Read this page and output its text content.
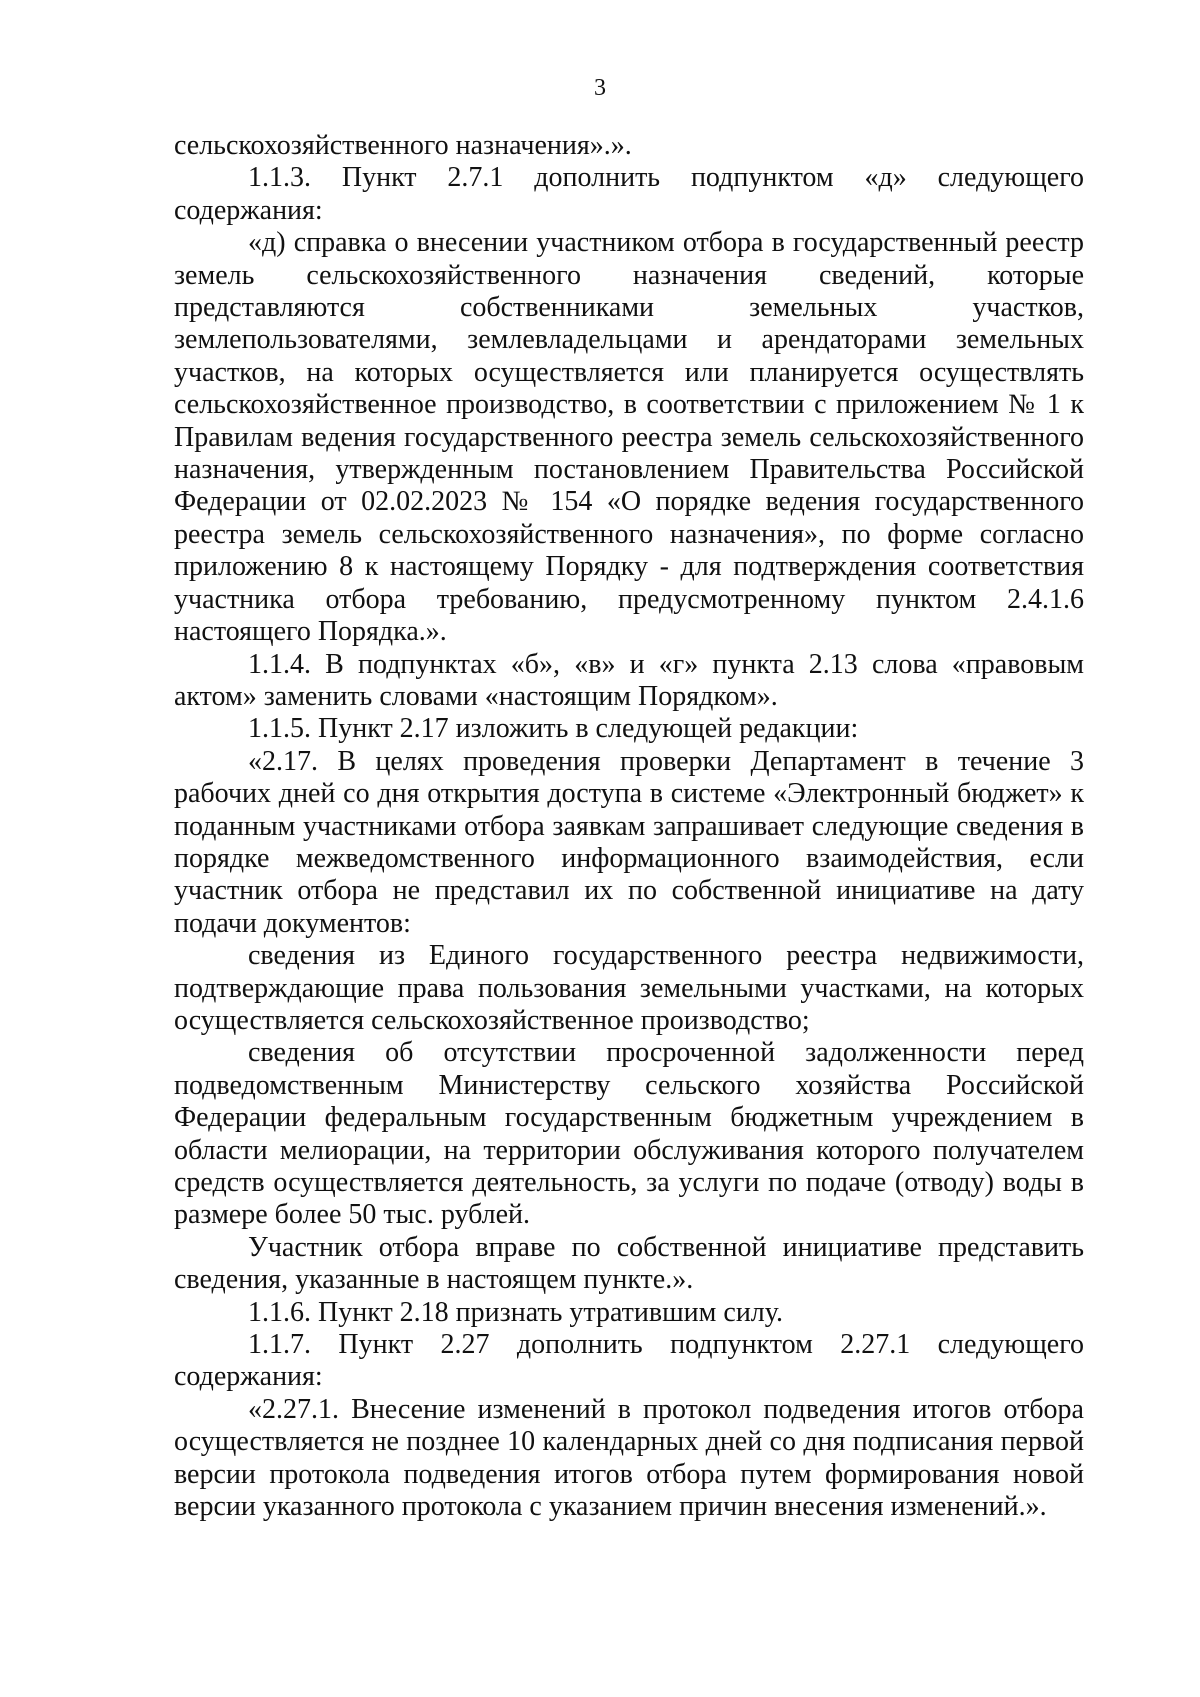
3

сельскохозяйственного назначения».».

1.1.3. Пункт 2.7.1 дополнить подпунктом «д» следующего содержания:

«д) справка о внесении участником отбора в государственный реестр земель сельскохозяйственного назначения сведений, которые представляются собственниками земельных участков, землепользователями, землевладельцами и арендаторами земельных участков, на которых осуществляется или планируется осуществлять сельскохозяйственное производство, в соответствии с приложением № 1 к Правилам ведения государственного реестра земель сельскохозяйственного назначения, утвержденным постановлением Правительства Российской Федерации от 02.02.2023 № 154 «О порядке ведения государственного реестра земель сельскохозяйственного назначения», по форме согласно приложению 8 к настоящему Порядку - для подтверждения соответствия участника отбора требованию, предусмотренному пунктом 2.4.1.6 настоящего Порядка.».

1.1.4. В подпунктах «б», «в» и «г» пункта 2.13 слова «правовым актом» заменить словами «настоящим Порядком».

1.1.5. Пункт 2.17 изложить в следующей редакции:

«2.17. В целях проведения проверки Департамент в течение 3 рабочих дней со дня открытия доступа в системе «Электронный бюджет» к поданным участниками отбора заявкам запрашивает следующие сведения в порядке межведомственного информационного взаимодействия, если участник отбора не представил их по собственной инициативе на дату подачи документов:

сведения из Единого государственного реестра недвижимости, подтверждающие права пользования земельными участками, на которых осуществляется сельскохозяйственное производство;

сведения об отсутствии просроченной задолженности перед подведомственным Министерству сельского хозяйства Российской Федерации федеральным государственным бюджетным учреждением в области мелиорации, на территории обслуживания которого получателем средств осуществляется деятельность, за услуги по подаче (отводу) воды в размере более 50 тыс. рублей.

Участник отбора вправе по собственной инициативе представить сведения, указанные в настоящем пункте.».

1.1.6. Пункт 2.18 признать утратившим силу.

1.1.7. Пункт 2.27 дополнить подпунктом 2.27.1 следующего содержания:

«2.27.1. Внесение изменений в протокол подведения итогов отбора осуществляется не позднее 10 календарных дней со дня подписания первой версии протокола подведения итогов отбора путем формирования новой версии указанного протокола с указанием причин внесения изменений.».
